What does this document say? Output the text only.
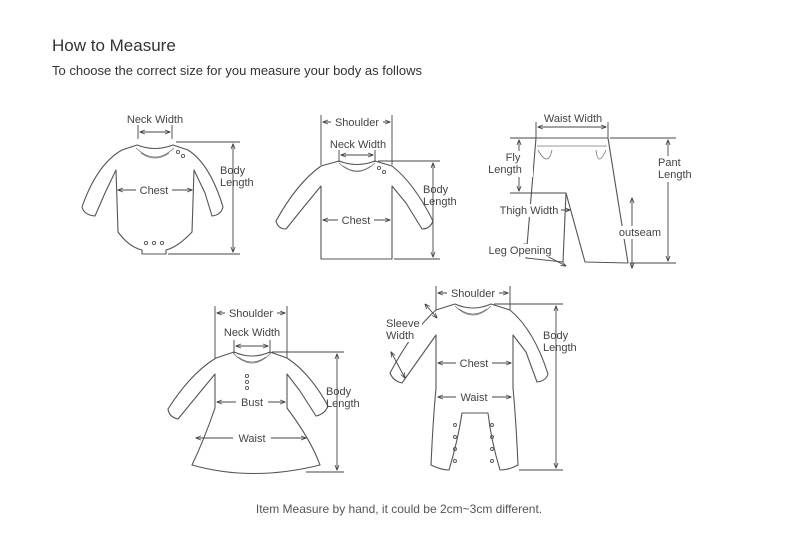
How to Measure
To choose the correct size for you measure your body as follows
Neck Width
Chest
Body
Length
Shoulder
Neck Width
Chest
Body
Length
Waist Width
Fly
Length
Pant
Length
Thigh Width
outseam
Leg Opening
Shoulder
Neck Width
Bust
Waist
Body
Length
Shoulder
Sleeve
Width
Chest
Waist
Body
Length
Item Measure by hand, it could be 2cm~3cm different.
